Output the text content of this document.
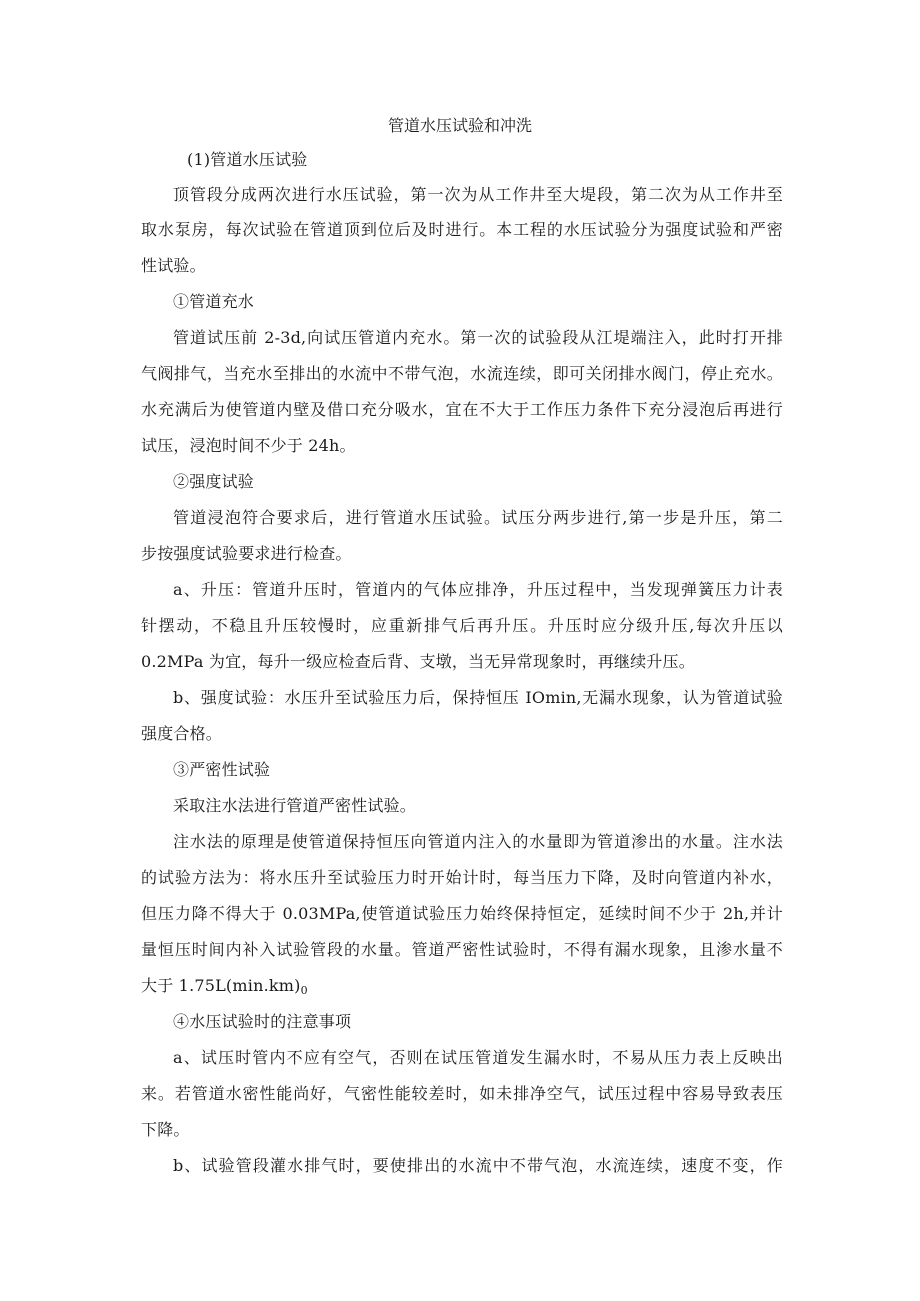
管道水压试验和冲洗
(1)管道水压试验
顶管段分成两次进行水压试验，第一次为从工作井至大堤段，第二次为从工作井至
取水泵房，每次试验在管道顶到位后及时进行。本工程的水压试验分为强度试验和严密
性试验。
①管道充水
管道试压前 2-3d,向试压管道内充水。第一次的试验段从江堤端注入，此时打开排
气阀排气，当充水至排出的水流中不带气泡，水流连续，即可关闭排水阀门，停止充水。
水充满后为使管道内壁及借口充分吸水，宜在不大于工作压力条件下充分浸泡后再进行
试压，浸泡时间不少于 24h。
②强度试验
管道浸泡符合要求后，进行管道水压试验。试压分两步进行,第一步是升压，第二
步按强度试验要求进行检查。
a、升压：管道升压时，管道内的气体应排净，升压过程中，当发现弹簧压力计表
针摆动，不稳且升压较慢时，应重新排气后再升压。升压时应分级升压,每次升压以
0.2MPa 为宜，每升一级应检查后背、支墩，当无异常现象时，再继续升压。
b、强度试验：水压升至试验压力后，保持恒压 IOmin,无漏水现象，认为管道试验
强度合格。
③严密性试验
采取注水法进行管道严密性试验。
注水法的原理是使管道保持恒压向管道内注入的水量即为管道渗出的水量。注水法
的试验方法为：将水压升至试验压力时开始计时，每当压力下降，及时向管道内补水，
但压力降不得大于 0.03MPa,使管道试验压力始终保持恒定，延续时间不少于 2h,并计
量恒压时间内补入试验管段的水量。管道严密性试验时，不得有漏水现象，且渗水量不
大于 $1.75L(\min.km)_0$
④水压试验时的注意事项
a、试压时管内不应有空气，否则在试压管道发生漏水时，不易从压力表上反映出
来。若管道水密性能尚好，气密性能较差时，如未排净空气，试压过程中容易导致表压
下降。
b、试验管段灌水排气时，要使排出的水流中不带气泡，水流连续，速度不变，作
